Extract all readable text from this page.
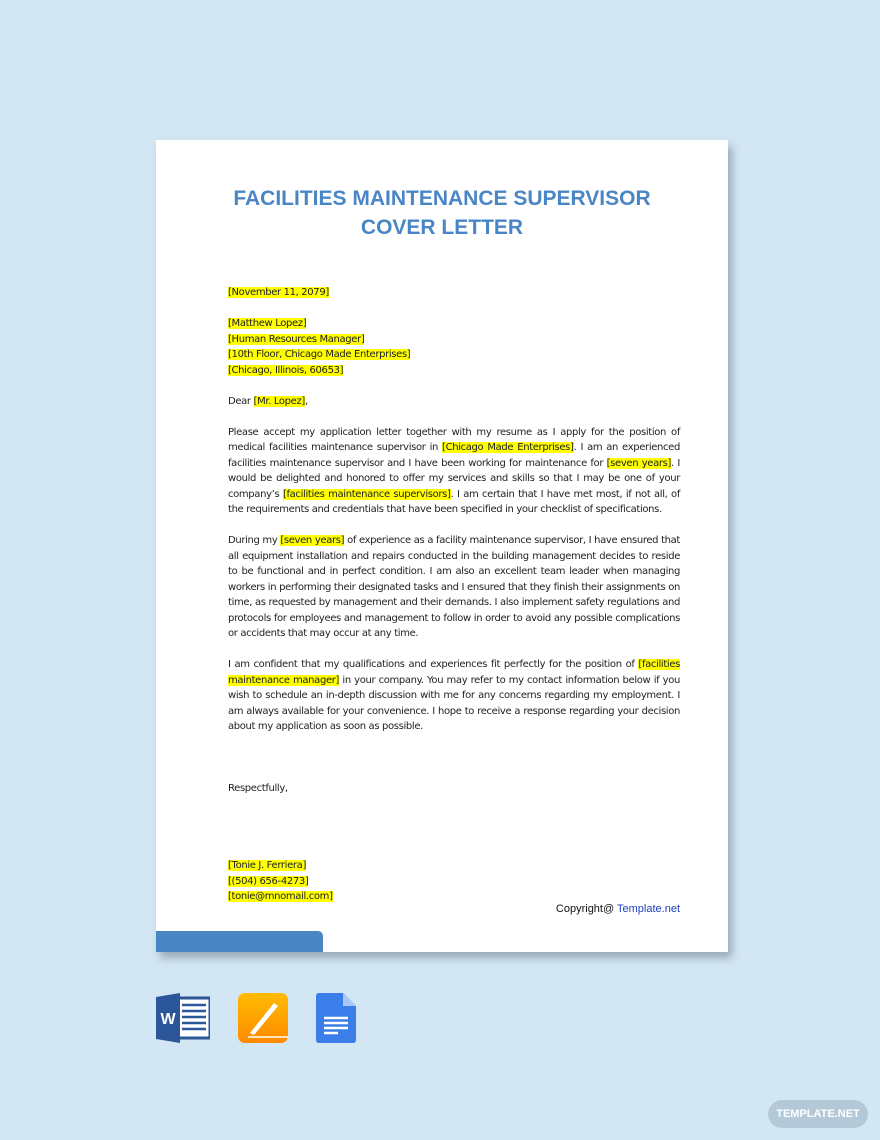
FACILITIES MAINTENANCE SUPERVISOR
COVER LETTER

[November 11, 2079]

[Matthew Lopez]
[Human Resources Manager]
[10th Floor, Chicago Made Enterprises]
[Chicago, Illinois, 60653]

Dear [Mr. Lopez],

Please accept my application letter together with my resume as I apply for the position of medical facilities maintenance supervisor in [Chicago Made Enterprises]. I am an experienced facilities maintenance supervisor and I have been working for maintenance for [seven years]. I would be delighted and honored to offer my services and skills so that I may be one of your company’s [facilities maintenance supervisors]. I am certain that I have met most, if not all, of the requirements and credentials that have been specified in your checklist of specifications.

During my [seven years] of experience as a facility maintenance supervisor, I have ensured that all equipment installation and repairs conducted in the building management decides to reside to be functional and in perfect condition. I am also an excellent team leader when managing workers in performing their designated tasks and I ensured that they finish their assignments on time, as requested by management and their demands. I also implement safety regulations and protocols for employees and management to follow in order to avoid any possible complications or accidents that may occur at any time.

I am confident that my qualifications and experiences fit perfectly for the position of [facilities maintenance manager] in your company. You may refer to my contact information below if you wish to schedule an in-depth discussion with me for any concerns regarding my employment. I am always available for your convenience. I hope to receive a response regarding your decision about my application as soon as possible.

Respectfully,

[Tonie J. Ferriera]
[(504) 656-4273]
[tonie@mnomail.com]

Copyright@ Template.net
W
TEMPLATE.NET
